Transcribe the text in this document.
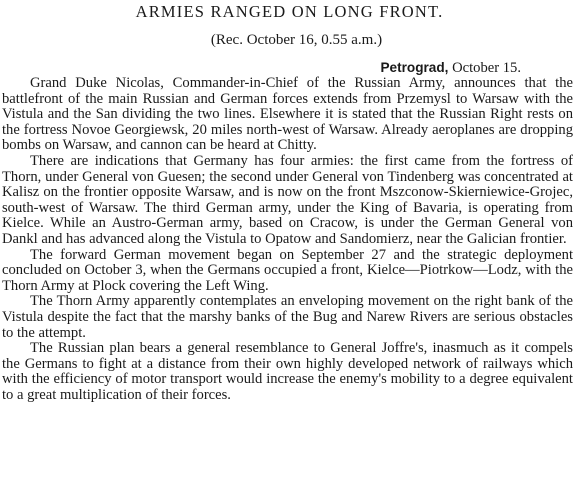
ARMIES RANGED ON LONG FRONT.
(Rec. October 16, 0.55 a.m.)
Petrograd, October 15.

Grand Duke Nicolas, Commander-in-Chief of the Russian Army, announces that the battlefront of the main Russian and German forces extends from Przemysl to Warsaw with the Vistula and the San dividing the two lines. Elsewhere it is stated that the Russian Right rests on the fortress Novoe Georgiewsk, 20 miles north-west of Warsaw. Already aeroplanes are dropping bombs on Warsaw, and cannon can be heard at Chitty.

There are indications that Germany has four armies: the first came from the fortress of Thorn, under General von Guesen; the second under General von Tindenberg was concentrated at Kalisz on the frontier opposite Warsaw, and is now on the front Mszconow-Skierniewice-Grojec, south-west of Warsaw. The third German army, under the King of Bavaria, is operating from Kielce. While an Austro-German army, based on Cracow, is under the German General von Dankl and has advanced along the Vistula to Opatow and Sandomierz, near the Galician frontier.

The forward German movement began on September 27 and the strategic deployment concluded on October 3, when the Germans occupied a front, Kielce—Piotrkow—Lodz, with the Thorn Army at Plock covering the Left Wing.

The Thorn Army apparently contemplates an enveloping movement on the right bank of the Vistula despite the fact that the marshy banks of the Bug and Narew Rivers are serious obstacles to the attempt.

The Russian plan bears a general resemblance to General Joffre's, inasmuch as it compels the Germans to fight at a distance from their own highly developed network of railways which with the efficiency of motor transport would increase the enemy's mobility to a degree equivalent to a great multiplication of their forces.
